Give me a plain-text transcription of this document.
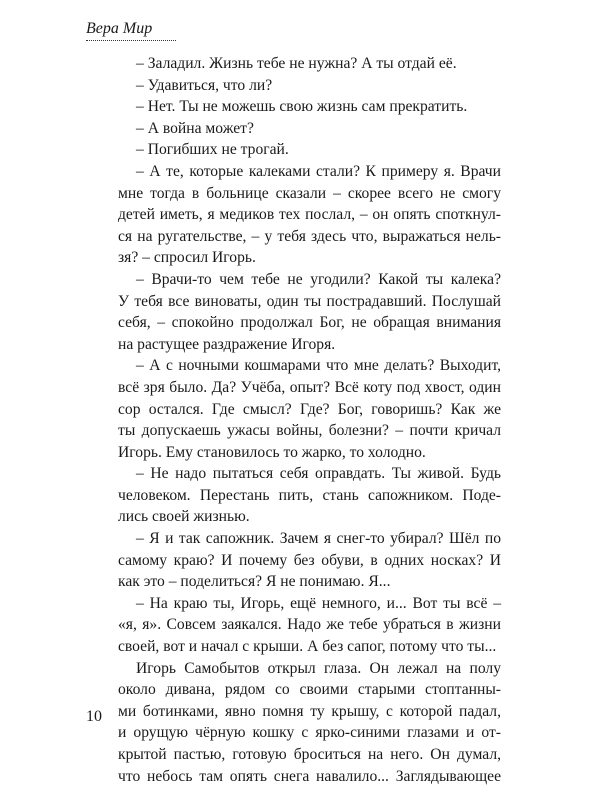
Вера Мир
– Заладил. Жизнь тебе не нужна? А ты отдай её.
– Удавиться, что ли?
– Нет. Ты не можешь свою жизнь сам прекратить.
– А война может?
– Погибших не трогай.
– А те, которые калеками стали? К примеру я. Врачи
мне тогда в больнице сказали – скорее всего не смогу
детей иметь, я медиков тех послал, – он опять споткнул-
ся на ругательстве, – у тебя здесь что, выражаться нель-
зя? – спросил Игорь.
– Врачи-то чем тебе не угодили? Какой ты калека?
У тебя все виноваты, один ты пострадавший. Послушай
себя, – спокойно продолжал Бог, не обращая внимания
на растущее раздражение Игоря.
– А с ночными кошмарами что мне делать? Выходит,
всё зря было. Да? Учёба, опыт? Всё коту под хвост, один
сор остался. Где смысл? Где? Бог, говоришь? Как же
ты допускаешь ужасы войны, болезни? – почти кричал
Игорь. Ему становилось то жарко, то холодно.
– Не надо пытаться себя оправдать. Ты живой. Будь
человеком. Перестань пить, стань сапожником. Поде-
лись своей жизнью.
– Я и так сапожник. Зачем я снег-то убирал? Шёл по
самому краю? И почему без обуви, в одних носках? И
как это – поделиться? Я не понимаю. Я...
– На краю ты, Игорь, ещё немного, и... Вот ты всё –
«я, я». Совсем заякался. Надо же тебе убраться в жизни
своей, вот и начал с крыши. А без сапог, потому что ты...
Игорь Самобытов открыл глаза. Он лежал на полу
около дивана, рядом со своими старыми стоптанны-
ми ботинками, явно помня ту крышу, с которой падал,
и орущую чёрную кошку с ярко-синими глазами и от-
крытой пастью, готовую броситься на него. Он думал,
что небось там опять снега навалило... Заглядывающее
10
